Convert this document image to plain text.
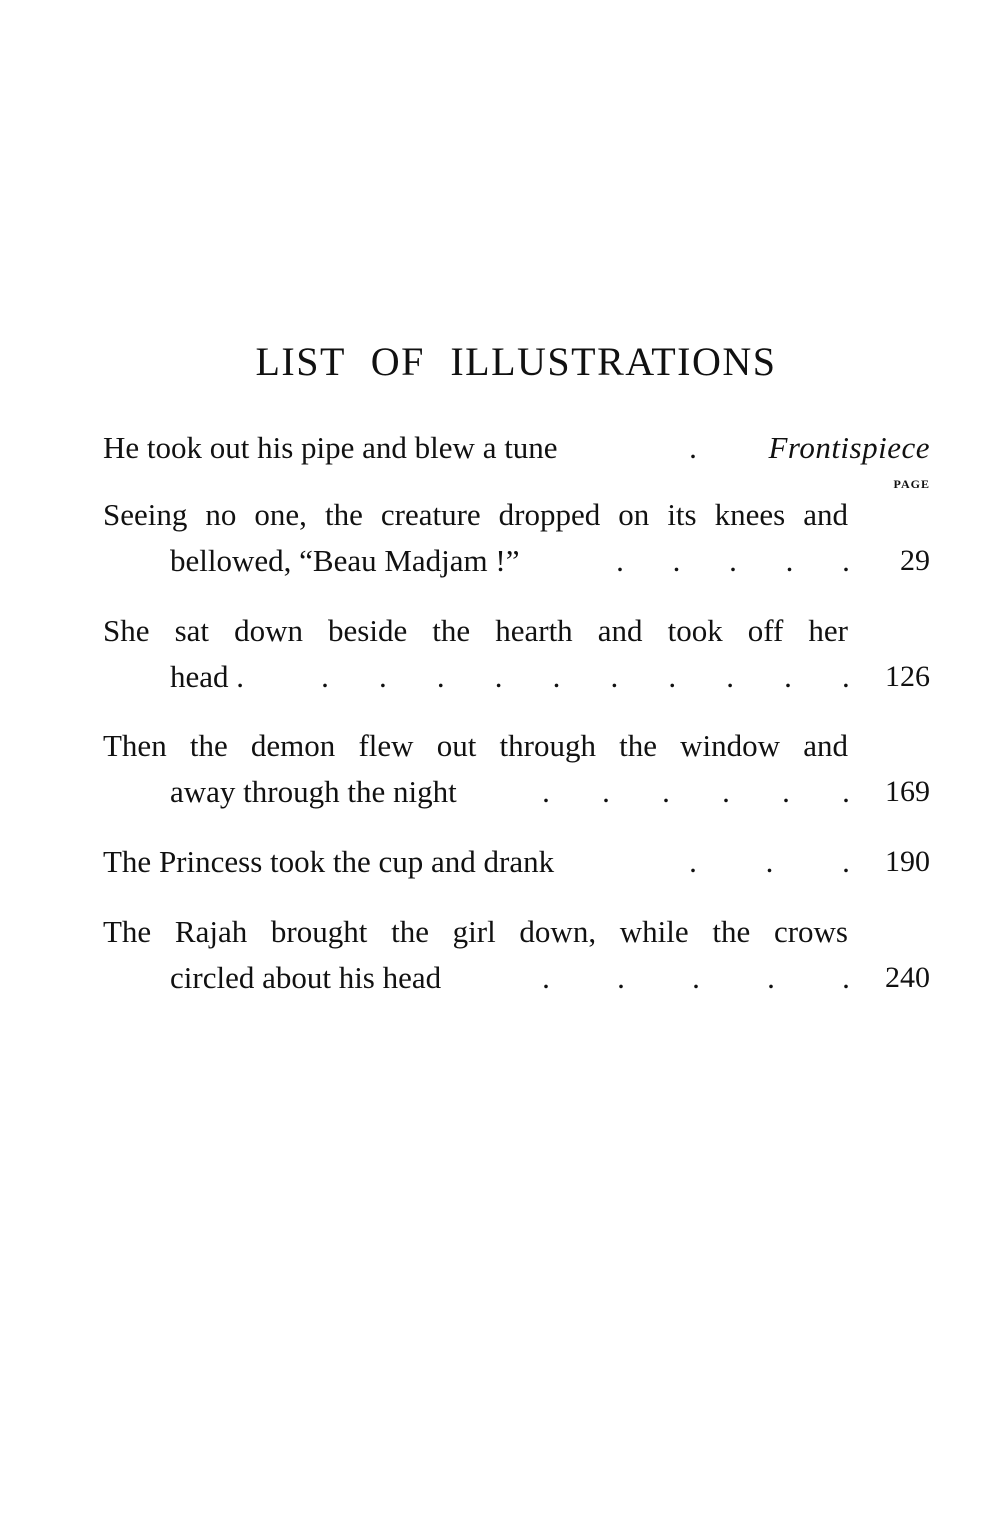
LIST OF ILLUSTRATIONS
He took out his pipe and blew a tune	. Frontispiece
PAGE
Seeing no one, the creature dropped on its knees and
bellowed, “Beau Madjam !”	. . . . . 29
She sat down beside the hearth and took off her
head . . . . . . . . . . . 126
Then the demon flew out through the window and
away through the night	. . . . . . 169
The Princess took the cup and drank	. . . 190
The Rajah brought the girl down, while the crows
circled about his head	. . . . . 240
